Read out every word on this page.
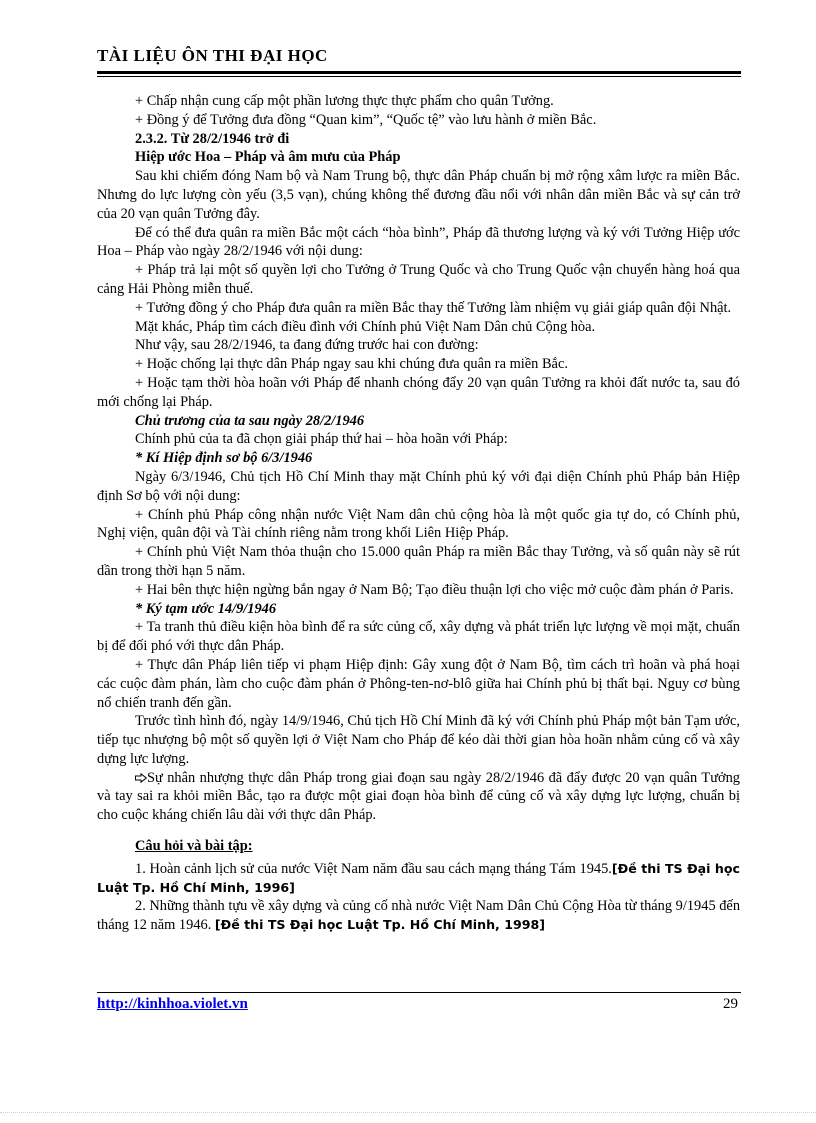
TÀI LIỆU ÔN THI ĐẠI HỌC

+ Chấp nhận cung cấp một phần lương thực thực phẩm cho quân Tưởng.

+ Đồng ý để Tưởng đưa đồng “Quan kim”, “Quốc tệ” vào lưu hành ở miền Bắc.

2.3.2. Từ 28/2/1946 trở đi

Hiệp ước Hoa – Pháp và âm mưu của Pháp

Sau khi chiếm đóng Nam bộ và Nam Trung bộ, thực dân Pháp chuẩn bị mở rộng xâm lược ra miền Bắc. Nhưng do lực lượng còn yếu (3,5 vạn), chúng không thể đương đầu nổi với nhân dân miền Bắc và sự cản trở của 20 vạn quân Tưởng đây.

Để có thể đưa quân ra miền Bắc một cách “hòa bình”, Pháp đã thương lượng và ký với Tưởng Hiệp ước Hoa – Pháp vào ngày 28/2/1946 với nội dung:

+ Pháp trả lại một số quyền lợi cho Tưởng ở Trung Quốc và cho Trung Quốc vận chuyển hàng hoá qua cảng Hải Phòng miễn thuế.

+ Tưởng đồng ý cho Pháp đưa quân ra miền Bắc thay thế Tưởng làm nhiệm vụ giải giáp quân đội Nhật.

Mặt khác, Pháp tìm cách điều đình với Chính phủ Việt Nam Dân chủ Cộng hòa.

Như vậy, sau 28/2/1946, ta đang đứng trước hai con đường:

+ Hoặc chống lại thực dân Pháp ngay sau khi chúng đưa quân ra miền Bắc.

+ Hoặc tạm thời hòa hoãn với Pháp để nhanh chóng đẩy 20 vạn quân Tưởng ra khỏi đất nước ta, sau đó mới chống lại Pháp.

Chủ trương của ta sau ngày 28/2/1946

Chính phủ của ta đã chọn giải pháp thứ hai – hòa hoãn với Pháp:

* Kí Hiệp định sơ bộ 6/3/1946

Ngày 6/3/1946, Chủ tịch Hồ Chí Minh thay mặt Chính phủ ký với đại diện Chính phủ Pháp bản Hiệp định Sơ bộ với nội dung:

+ Chính phủ Pháp công nhận nước Việt Nam dân chủ cộng hòa là một quốc gia tự do, có Chính phủ, Nghị viện, quân đội và Tài chính riêng nằm trong khối Liên Hiệp Pháp.

+ Chính phủ Việt Nam thỏa thuận cho 15.000 quân Pháp ra miền Bắc thay Tưởng, và số quân này sẽ rút dần trong thời hạn 5 năm.

+ Hai bên thực hiện ngừng bắn ngay ở Nam Bộ; Tạo điều thuận lợi cho việc mở cuộc đàm phán ở Paris.

* Ký tạm ước 14/9/1946

+ Ta tranh thủ điều kiện hòa bình để ra sức củng cố, xây dựng và phát triển lực lượng về mọi mặt, chuẩn bị để đối phó với thực dân Pháp.

+ Thực dân Pháp liên tiếp vi phạm Hiệp định: Gây xung đột ở Nam Bộ, tìm cách trì hoãn và phá hoại các cuộc đàm phán, làm cho cuộc đàm phán ở Phông-ten-nơ-blô giữa hai Chính phủ bị thất bại. Nguy cơ bùng nổ chiến tranh đến gần.

Trước tình hình đó, ngày 14/9/1946, Chủ tịch Hồ Chí Minh đã ký với Chính phủ Pháp một bản Tạm ước, tiếp tục nhượng bộ một số quyền lợi ở Việt Nam cho Pháp để kéo dài thời gian hòa hoãn nhằm củng cố và xây dựng lực lượng.

Sự nhân nhượng thực dân Pháp trong giai đoạn sau ngày 28/2/1946 đã đẩy được 20 vạn quân Tưởng và tay sai ra khỏi miền Bắc, tạo ra được một giai đoạn hòa bình để củng cố và xây dựng lực lượng, chuẩn bị cho cuộc kháng chiến lâu dài với thực dân Pháp.

Câu hỏi và bài tập:

1. Hoàn cảnh lịch sử của nước Việt Nam năm đầu sau cách mạng tháng Tám 1945.[Đề thi TS Đại học Luật Tp. Hồ Chí Minh, 1996]

2. Những thành tựu về xây dựng và củng cố nhà nước Việt Nam Dân Chủ Cộng Hòa từ tháng 9/1945 đến tháng 12 năm 1946. [Đề thi TS Đại học Luật Tp. Hồ Chí Minh, 1998]

http://kinhhoa.violet.vn	29
